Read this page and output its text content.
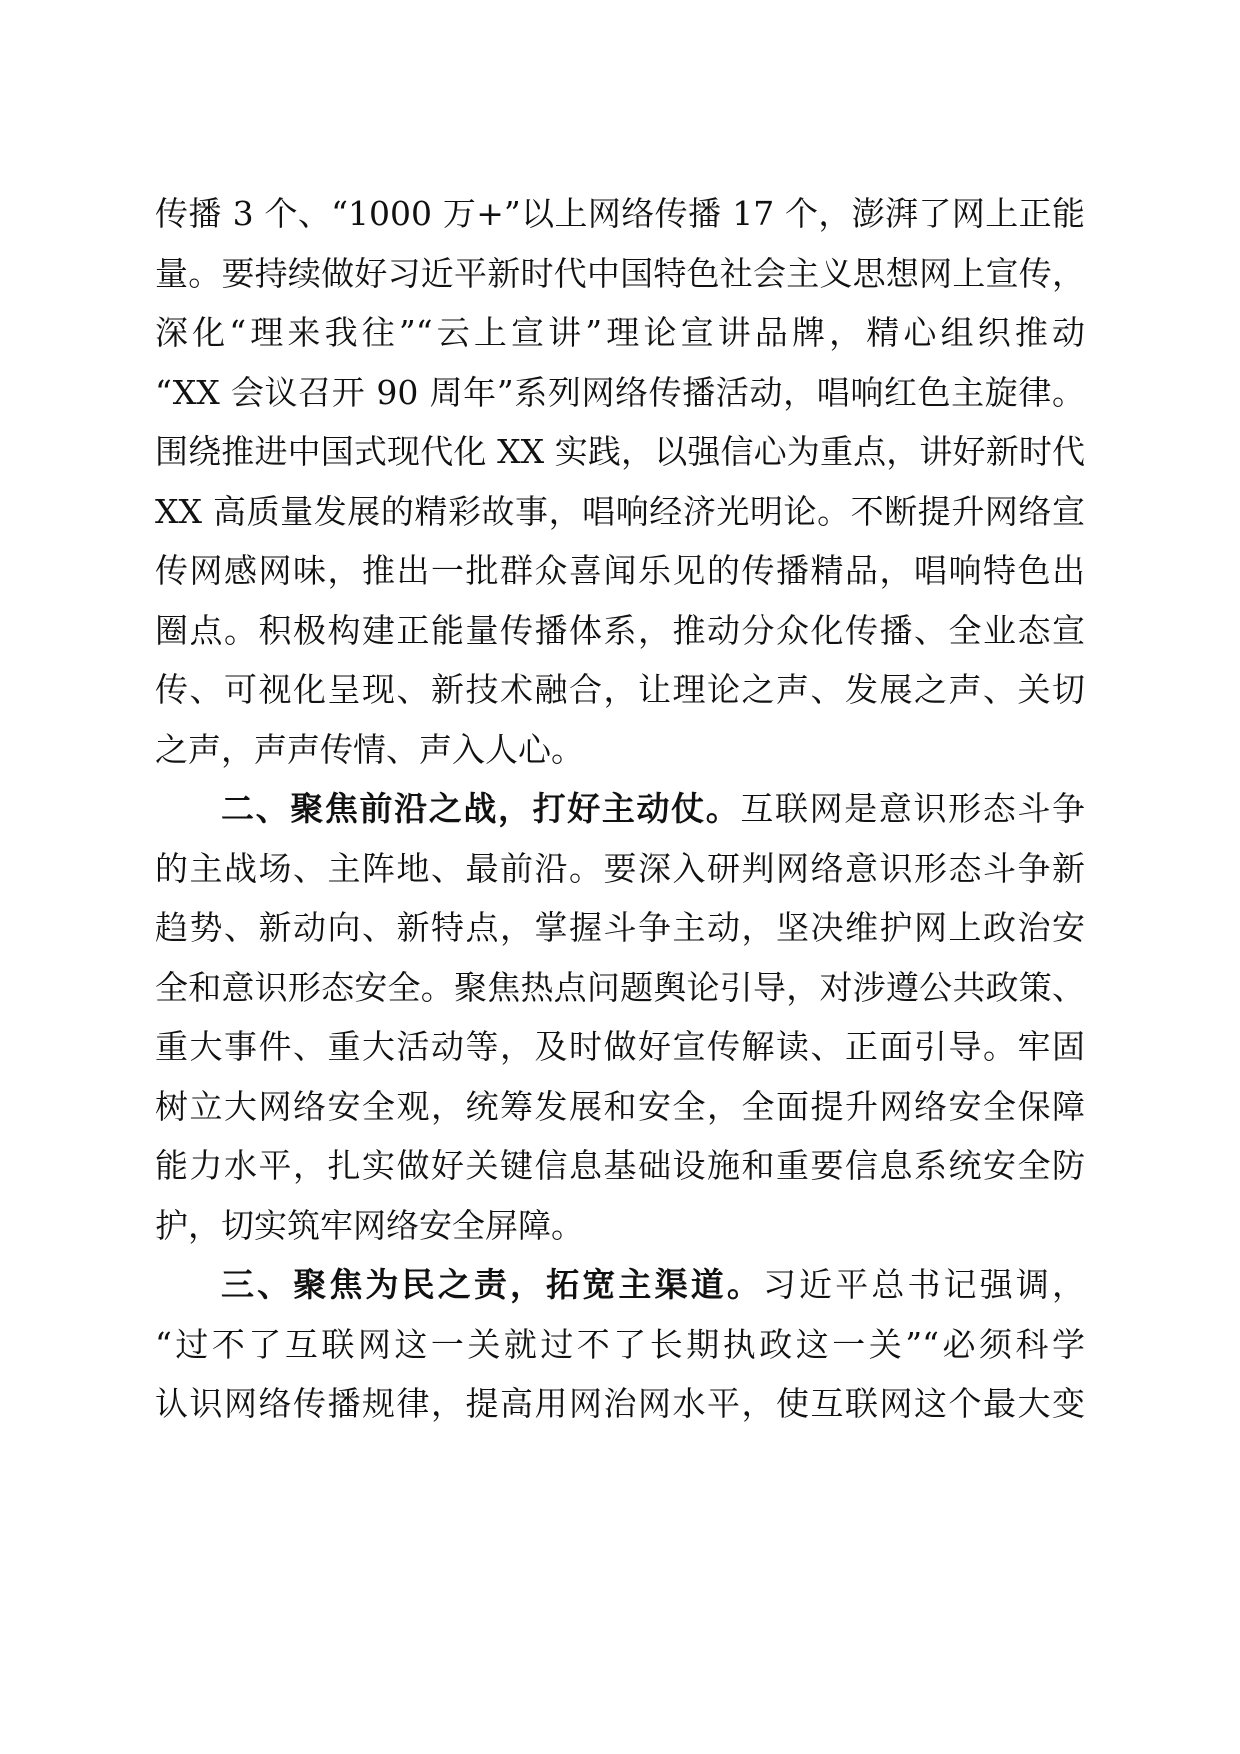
传播 3 个、“1000 万+”以上网络传播 17 个，澎湃了网上正能
量。要持续做好习近平新时代中国特色社会主义思想网上宣传，
深化“理来我往”“云上宣讲”理论宣讲品牌，精心组织推动
“XX 会议召开 90 周年”系列网络传播活动，唱响红色主旋律。
围绕推进中国式现代化 XX 实践，以强信心为重点，讲好新时代
XX 高质量发展的精彩故事，唱响经济光明论。不断提升网络宣
传网感网味，推出一批群众喜闻乐见的传播精品，唱响特色出
圈点。积极构建正能量传播体系，推动分众化传播、全业态宣
传、可视化呈现、新技术融合，让理论之声、发展之声、关切
之声，声声传情、声入人心。
二、聚焦前沿之战，打好主动仗。互联网是意识形态斗争
的主战场、主阵地、最前沿。要深入研判网络意识形态斗争新
趋势、新动向、新特点，掌握斗争主动，坚决维护网上政治安
全和意识形态安全。聚焦热点问题舆论引导，对涉遵公共政策、
重大事件、重大活动等，及时做好宣传解读、正面引导。牢固
树立大网络安全观，统筹发展和安全，全面提升网络安全保障
能力水平，扎实做好关键信息基础设施和重要信息系统安全防
护，切实筑牢网络安全屏障。
三、聚焦为民之责，拓宽主渠道。习近平总书记强调，
“过不了互联网这一关就过不了长期执政这一关”“必须科学
认识网络传播规律，提高用网治网水平，使互联网这个最大变
